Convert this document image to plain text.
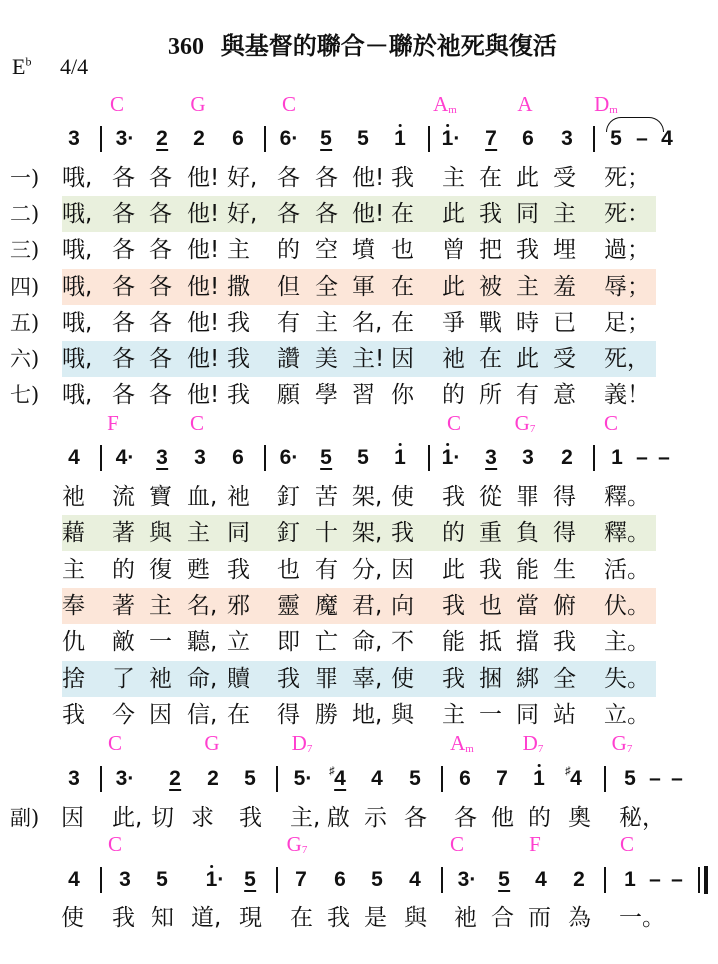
360 與基督的聯合－聯於祂死與復活
$E^b$ 4/4
C	G	C	$A_m$	A	$D_m$
3 3· 2 2 6 6· 5 5 1 1· 7 6 3 5 – 4
一) 哦, 各 各 他! 好, 各 各 他! 我 主 在 此 受 死；
二) 哦, 各 各 他! 好, 各 各 他! 在 此 我 同 主 死：
三) 哦, 各 各 他! 主 的 空 墳 也 曾 把 我 埋 過；
四) 哦, 各 各 他! 撒 但 全 軍 在 此 被 主 羞 辱；
五) 哦, 各 各 他! 我 有 主 名, 在 爭 戰 時 已 足；
六) 哦, 各 各 他! 我 讚 美 主! 因 祂 在 此 受 死，
七) 哦, 各 各 他! 我 願 學 習 你 的 所 有 意 義！
F	C	C	$G_7$	C
4 4· 3 3 6 6· 5 5 1 1· 3 3 2 1 – –
祂 流 寶 血, 祂 釘 苦 架, 使 我 從 罪 得 釋。
藉 著 與 主 同 釘 十 架, 我 的 重 負 得 釋。
主 的 復 甦 我 也 有 分, 因 此 我 能 生 活。
奉 著 主 名, 邪 靈 魔 君, 向 我 也 當 俯 伏。
仇 敵 一 聽, 立 即 亡 命, 不 能 抵 擋 我 主。
捨 了 祂 命, 贖 我 罪 辜, 使 我 捆 綁 全 失。
我 今 因 信, 在 得 勝 地, 與 主 一 同 站 立。
C	G	$D_7$	$A_m$ $D_7$	$G_7$
3 3· 2 2 5 5· ♯ 4 4 5 6 7 1 ♯ 4 5 – –
副) 因 此, 切 求 我 主, 啟 示 各 各 他 的 奧 秘，
C	$G_7$	C	F	C
4 3 5 1· 5 7 6 5 4 3· 5 4 2 1 – –
使 我 知 道, 現 在 我 是 與 祂 合 而 為 一。
